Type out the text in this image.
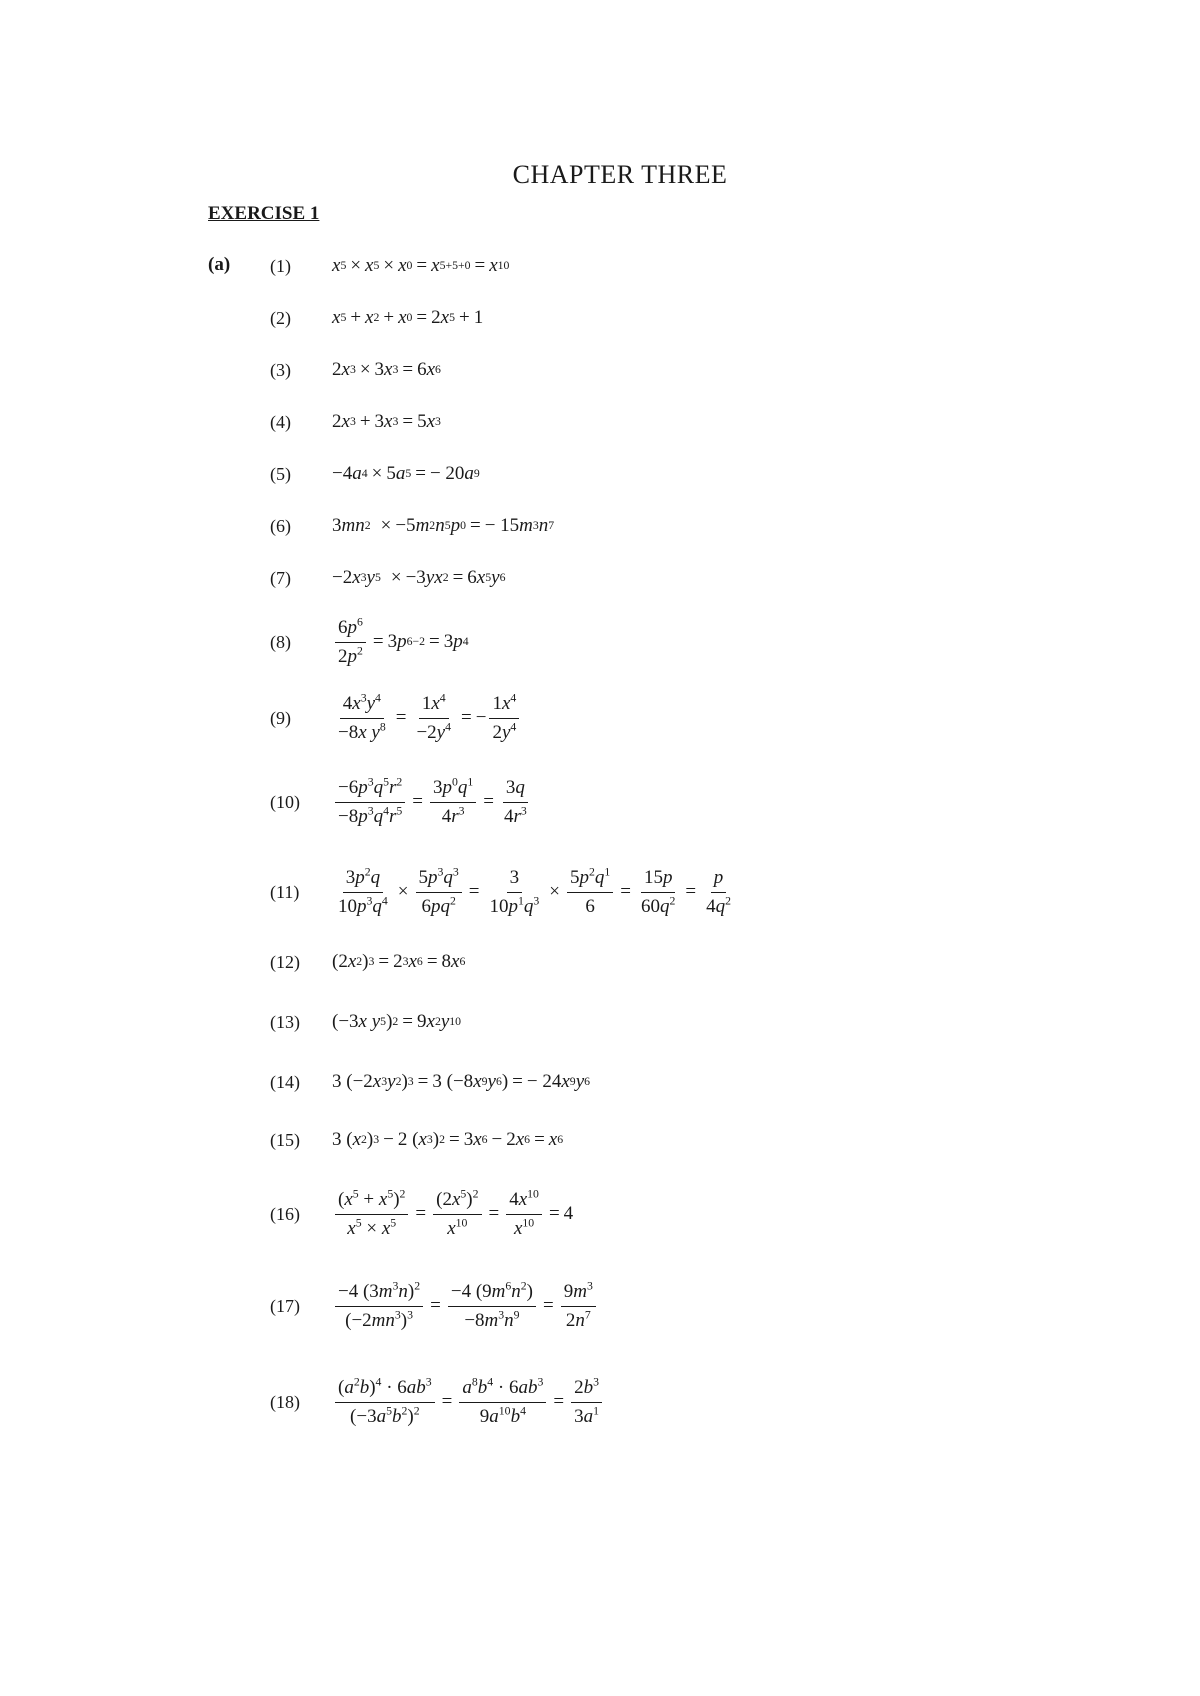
CHAPTER THREE
EXERCISE 1
(a) (1)	x 5 × x 5 × x 0 = x 5+5+0 = x 10
(2)	x 5 + x 2 + x 0 = 2 x 5 + 1
(3)	2 x 3 × 3 x 3 = 6 x 6
(4)	2 x 3 + 3 x 3 = 5 x 3
(5)	−4 a 4 × 5 a 5 = − 20 a 9
(6)	3 mn 2 × −5 m 2 n 5 p 0 = − 15 m 3 n 7
(7)	−2 x 3 y 5 × −3 yx 2 = 6 x 5 y 6
(8)	$\frac{6p^6}{2p^2} = 3$ p 6−2 = 3 p 4
(9)	$\frac{4x^3y^4}{-8x y^8} = \frac{1x^4}{-2y^4}$ = − $\frac{1x^4}{2y^4}$
(10)	$\frac{-6p^3q^5r^2}{-8p^3q^4r^5} = \frac{3p^0q^1}{4r^3} = \frac{3q}{4r^3}$
(11)	$\frac{3p^2q}{10p^3q^4} \times \frac{5p^3q^3}{6pq^2} = \frac{3}{10p^1q^3} \times \frac{5p^2q^1}{6} = \frac{15p}{60q^2} = \frac{p}{4q^2}$
(12)	(2 x 2 ) 3 = 2 3 x 6 = 8 x 6
(13)	(−3 x y 5 ) 2 = 9 x 2 y 10
(14)	3 (−2 x 3 y 2 ) 3 = 3 (−8 x 9 y 6 ) = − 24 x 9 y 6
(15)	3 ( x 2 ) 3 − 2 ( x 3 ) 2 = 3 x 6 − 2 x 6 = x 6
(16)	$\frac{(x^5 + x^5)^2}{x^5 \times x^5} = \frac{(2x^5)^2}{x^{10}} = \frac{4x^{10}}{x^{10}} = 4$
(17)	$\frac{-4 (3m^3n)^2}{(-2mn^3)^3} = \frac{-4 (9m^6n^2)}{-8m^3n^9} = \frac{9m^3}{2n^7}$
(18)	$\frac{(a^2b)^4 \cdot 6ab^3}{(-3a^5b^2)^2} = \frac{a^8b^4 \cdot 6ab^3}{9a^{10}b^4} = \frac{2b^3}{3a^1}$
